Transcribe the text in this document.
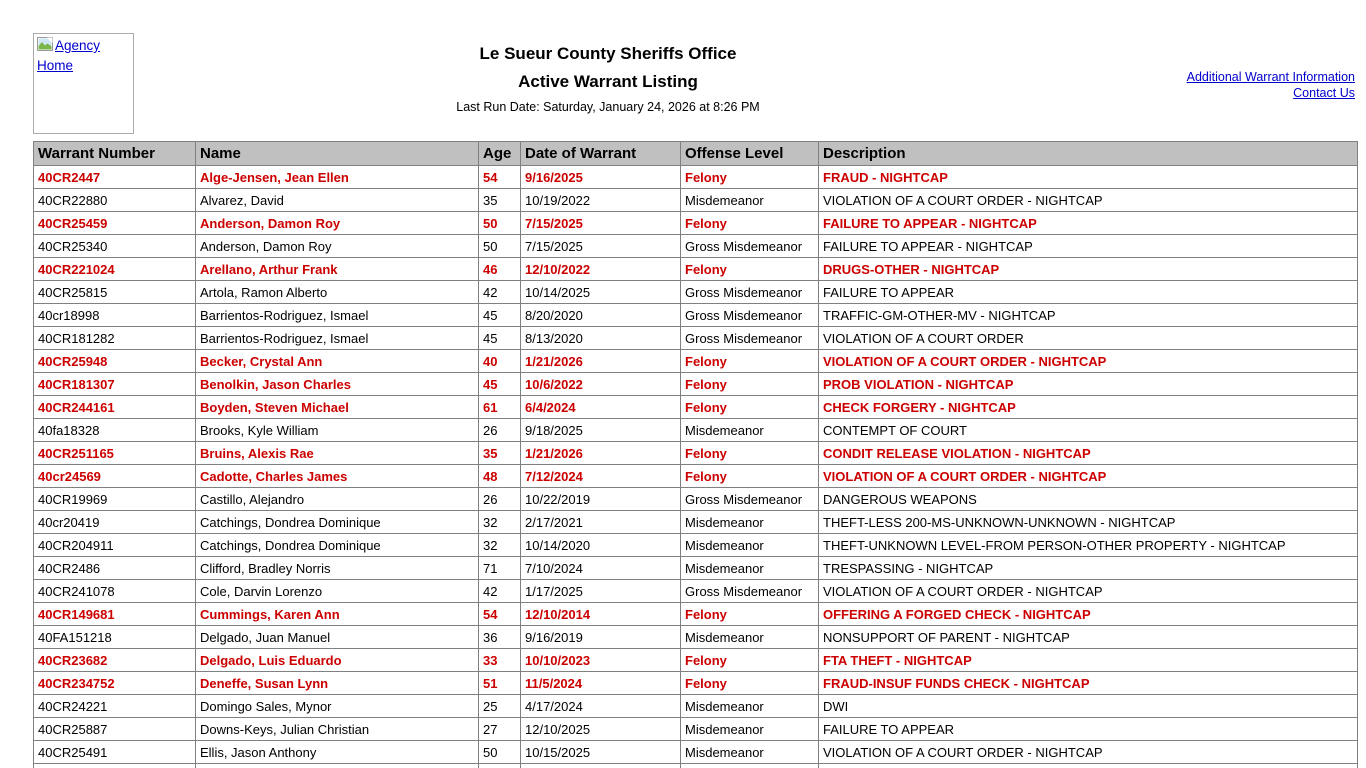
Agency Home
Le Sueur County Sheriffs Office
Active Warrant Listing
Last Run Date: Saturday, January 24, 2026 at 8:26 PM
Additional Warrant Information
Contact Us
Warrant Number	Name	Age	Date of Warrant	Offense Level	Description
40CR2447	Alge-Jensen, Jean Ellen	54	9/16/2025	Felony	FRAUD - NIGHTCAP
40CR22880	Alvarez, David	35	10/19/2022	Misdemeanor	VIOLATION OF A COURT ORDER - NIGHTCAP
40CR25459	Anderson, Damon Roy	50	7/15/2025	Felony	FAILURE TO APPEAR - NIGHTCAP
40CR25340	Anderson, Damon Roy	50	7/15/2025	Gross Misdemeanor	FAILURE TO APPEAR - NIGHTCAP
40CR221024	Arellano, Arthur Frank	46	12/10/2022	Felony	DRUGS-OTHER - NIGHTCAP
40CR25815	Artola, Ramon Alberto	42	10/14/2025	Gross Misdemeanor	FAILURE TO APPEAR
40cr18998	Barrientos-Rodriguez, Ismael	45	8/20/2020	Gross Misdemeanor	TRAFFIC-GM-OTHER-MV - NIGHTCAP
40CR181282	Barrientos-Rodriguez, Ismael	45	8/13/2020	Gross Misdemeanor	VIOLATION OF A COURT ORDER
40CR25948	Becker, Crystal Ann	40	1/21/2026	Felony	VIOLATION OF A COURT ORDER - NIGHTCAP
40CR181307	Benolkin, Jason Charles	45	10/6/2022	Felony	PROB VIOLATION - NIGHTCAP
40CR244161	Boyden, Steven Michael	61	6/4/2024	Felony	CHECK FORGERY - NIGHTCAP
40fa18328	Brooks, Kyle William	26	9/18/2025	Misdemeanor	CONTEMPT OF COURT
40CR251165	Bruins, Alexis Rae	35	1/21/2026	Felony	CONDIT RELEASE VIOLATION - NIGHTCAP
40cr24569	Cadotte, Charles James	48	7/12/2024	Felony	VIOLATION OF A COURT ORDER - NIGHTCAP
40CR19969	Castillo, Alejandro	26	10/22/2019	Gross Misdemeanor	DANGEROUS WEAPONS
40cr20419	Catchings, Dondrea Dominique	32	2/17/2021	Misdemeanor	THEFT-LESS 200-MS-UNKNOWN-UNKNOWN - NIGHTCAP
40CR204911	Catchings, Dondrea Dominique	32	10/14/2020	Misdemeanor	THEFT-UNKNOWN LEVEL-FROM PERSON-OTHER PROPERTY - NIGHTCAP
40CR2486	Clifford, Bradley Norris	71	7/10/2024	Misdemeanor	TRESPASSING - NIGHTCAP
40CR241078	Cole, Darvin Lorenzo	42	1/17/2025	Gross Misdemeanor	VIOLATION OF A COURT ORDER - NIGHTCAP
40CR149681	Cummings, Karen Ann	54	12/10/2014	Felony	OFFERING A FORGED CHECK - NIGHTCAP
40FA151218	Delgado, Juan Manuel	36	9/16/2019	Misdemeanor	NONSUPPORT OF PARENT - NIGHTCAP
40CR23682	Delgado, Luis Eduardo	33	10/10/2023	Felony	FTA THEFT - NIGHTCAP
40CR234752	Deneffe, Susan Lynn	51	11/5/2024	Felony	FRAUD-INSUF FUNDS CHECK - NIGHTCAP
40CR24221	Domingo Sales, Mynor	25	4/17/2024	Misdemeanor	DWI
40CR25887	Downs-Keys, Julian Christian	27	12/10/2025	Misdemeanor	FAILURE TO APPEAR
40CR25491	Ellis, Jason Anthony	50	10/15/2025	Misdemeanor	VIOLATION OF A COURT ORDER - NIGHTCAP
